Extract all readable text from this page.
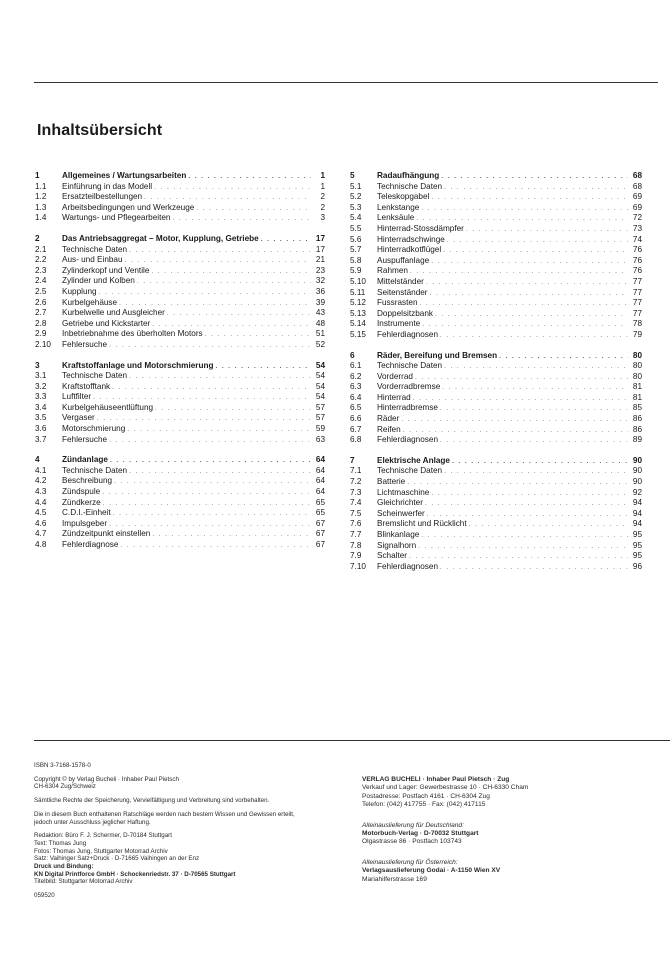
Inhaltsübersicht
1	Allgemeines / Wartungsarbeiten . . .	1
1.1	Einführung in das Modell . . .	1
1.2	Ersatzteilbestellungen . . .	2
1.3	Arbeitsbedingungen und Werkzeuge . . .	2
1.4	Wartungs- und Pflegearbeiten . . .	3
2	Das Antriebsaggregat – Motor, Kupplung, Getriebe . . .	17
2.1	Technische Daten . . .	17
2.2	Aus- und Einbau . . .	21
2.3	Zylinderkopf und Ventile . . .	23
2.4	Zylinder und Kolben . . .	32
2.5	Kupplung . . .	36
2.6	Kurbelgehäuse . . .	39
2.7	Kurbelwelle und Ausgleicher . . .	43
2.8	Getriebe und Kickstarter . . .	48
2.9	Inbetriebnahme des überholten Motors . . .	51
2.10	Fehlersuche . . .	52
3	Kraftstoffanlage und Motorschmierung . . .	54
3.1	Technische Daten . . .	54
3.2	Kraftstofftank . . .	54
3.3	Luftfilter . . .	54
3.4	Kurbelgehäuseentlüftung . . .	57
3.5	Vergaser . . .	57
3.6	Motorschmierung . . .	59
3.7	Fehlersuche . . .	63
4	Zündanlage . . .	64
4.1	Technische Daten . . .	64
4.2	Beschreibung . . .	64
4.3	Zündspule . . .	64
4.4	Zündkerze . . .	65
4.5	C.D.I.-Einheit . . .	65
4.6	Impulsgeber . . .	67
4.7	Zündzeitpunkt einstellen . . .	67
4.8	Fehlerdiagnose . . .	67
5	Radaufhängung . . .	68
5.1	Technische Daten . . .	68
5.2	Teleskopgabel . . .	69
5.3	Lenkstange . . .	69
5.4	Lenksäule . . .	72
5.5	Hinterrad-Stossdämpfer . . .	73
5.6	Hinterradschwinge . . .	74
5.7	Hinterradkotflügel . . .	76
5.8	Auspuffanlage . . .	76
5.9	Rahmen . . .	76
5.10	Mittelständer . . .	77
5.11	Seitenständer . . .	77
5.12	Fussrasten . . .	77
5.13	Doppelsitzbank . . .	77
5.14	Instrumente . . .	78
5.15	Fehlerdiagnosen . . .	79
6	Räder, Bereifung und Bremsen . . .	80
6.1	Technische Daten . . .	80
6.2	Vorderrad . . .	80
6.3	Vorderradbremse . . .	81
6.4	Hinterrad . . .	81
6.5	Hinterradbremse . . .	85
6.6	Räder . . .	86
6.7	Reifen . . .	86
6.8	Fehlerdiagnosen . . .	89
7	Elektrische Anlage . . .	90
7.1	Technische Daten . . .	90
7.2	Batterie . . .	90
7.3	Lichtmaschine . . .	92
7.4	Gleichrichter . . .	94
7.5	Scheinwerfer . . .	94
7.6	Bremslicht und Rücklicht . . .	94
7.7	Blinkanlage . . .	95
7.8	Signalhorn . . .	95
7.9	Schalter . . .	95
7.10	Fehlerdiagnosen . . .	96

ISBN 3-7168-1578-0

Copyright © by Verlag Bucheli · Inhaber Paul Pietsch
CH-6304 Zug/Schweiz

Sämtliche Rechte der Speicherung, Vervielfältigung und Verbreitung sind vorbehalten.

Die in diesem Buch enthaltenen Ratschläge werden nach bestem Wissen und Gewissen erteilt,
jedoch unter Ausschluss jeglicher Haftung.

Redaktion: Büro F. J. Schermer, D-70184 Stuttgart
Text: Thomas Jung
Fotos: Thomas Jung, Stuttgarter Motorrad Archiv
Satz: Vaihinger Satz+Druck · D-71665 Vaihingen an der Enz
Druck und Bindung:
KN Digital Printforce GmbH · Schockenriedstr. 37 · D-70565 Stuttgart
Titelbild: Stuttgarter Motorrad Archiv

059520

VERLAG BUCHELI · Inhaber Paul Pietsch · Zug
Verkauf und Lager: Gewerbestrasse 10 · CH-6330 Cham
Postadresse: Postfach 4161 · CH-6304 Zug
Telefon: (042) 417755 · Fax: (042) 417115
Alleinauslieferung für Deutschland:
Motorbuch-Verlag · D-70032 Stuttgart
Olgastrasse 86 · Postfach 103743
Alleinauslieferung für Österreich:
Verlagsauslieferung Godai · A-1150 Wien XV
Mariahilferstrasse 169
